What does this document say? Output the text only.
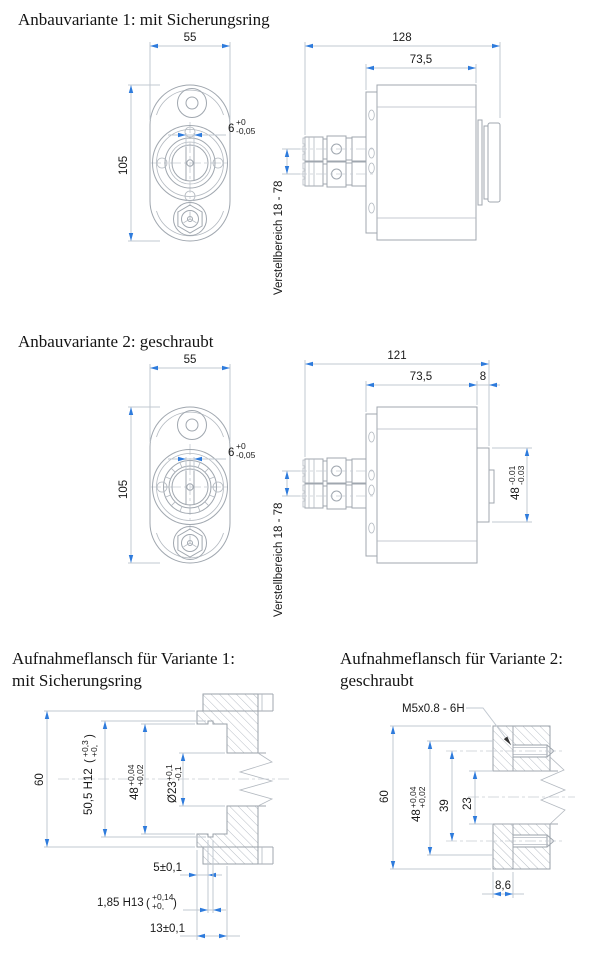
Anbauvariante 1: mit Sicherungsring
55
105
6
+0
-0,05
128
73,5
Verstellbereich 18 - 78
Anbauvariante 2: geschraubt
55
105
6
+0
-0,05
121
73,5	8
48
-0.01 -0.03
Verstellbereich 18 - 78
Aufnahmeflansch für Variante 1:
mit Sicherungsring
60	50,5 H12
(
+0,3 +0,
)
48
+0,04 +0,02
Ø23
+0,1 -0,1
5±0,1
1,85 H13 (
+0,14
+0, )
13±0,1
Aufnahmeflansch für Variante 2:
geschraubt
M5x0.8 - 6H
60
48
+0,04 +0,02 39 23
8,6
